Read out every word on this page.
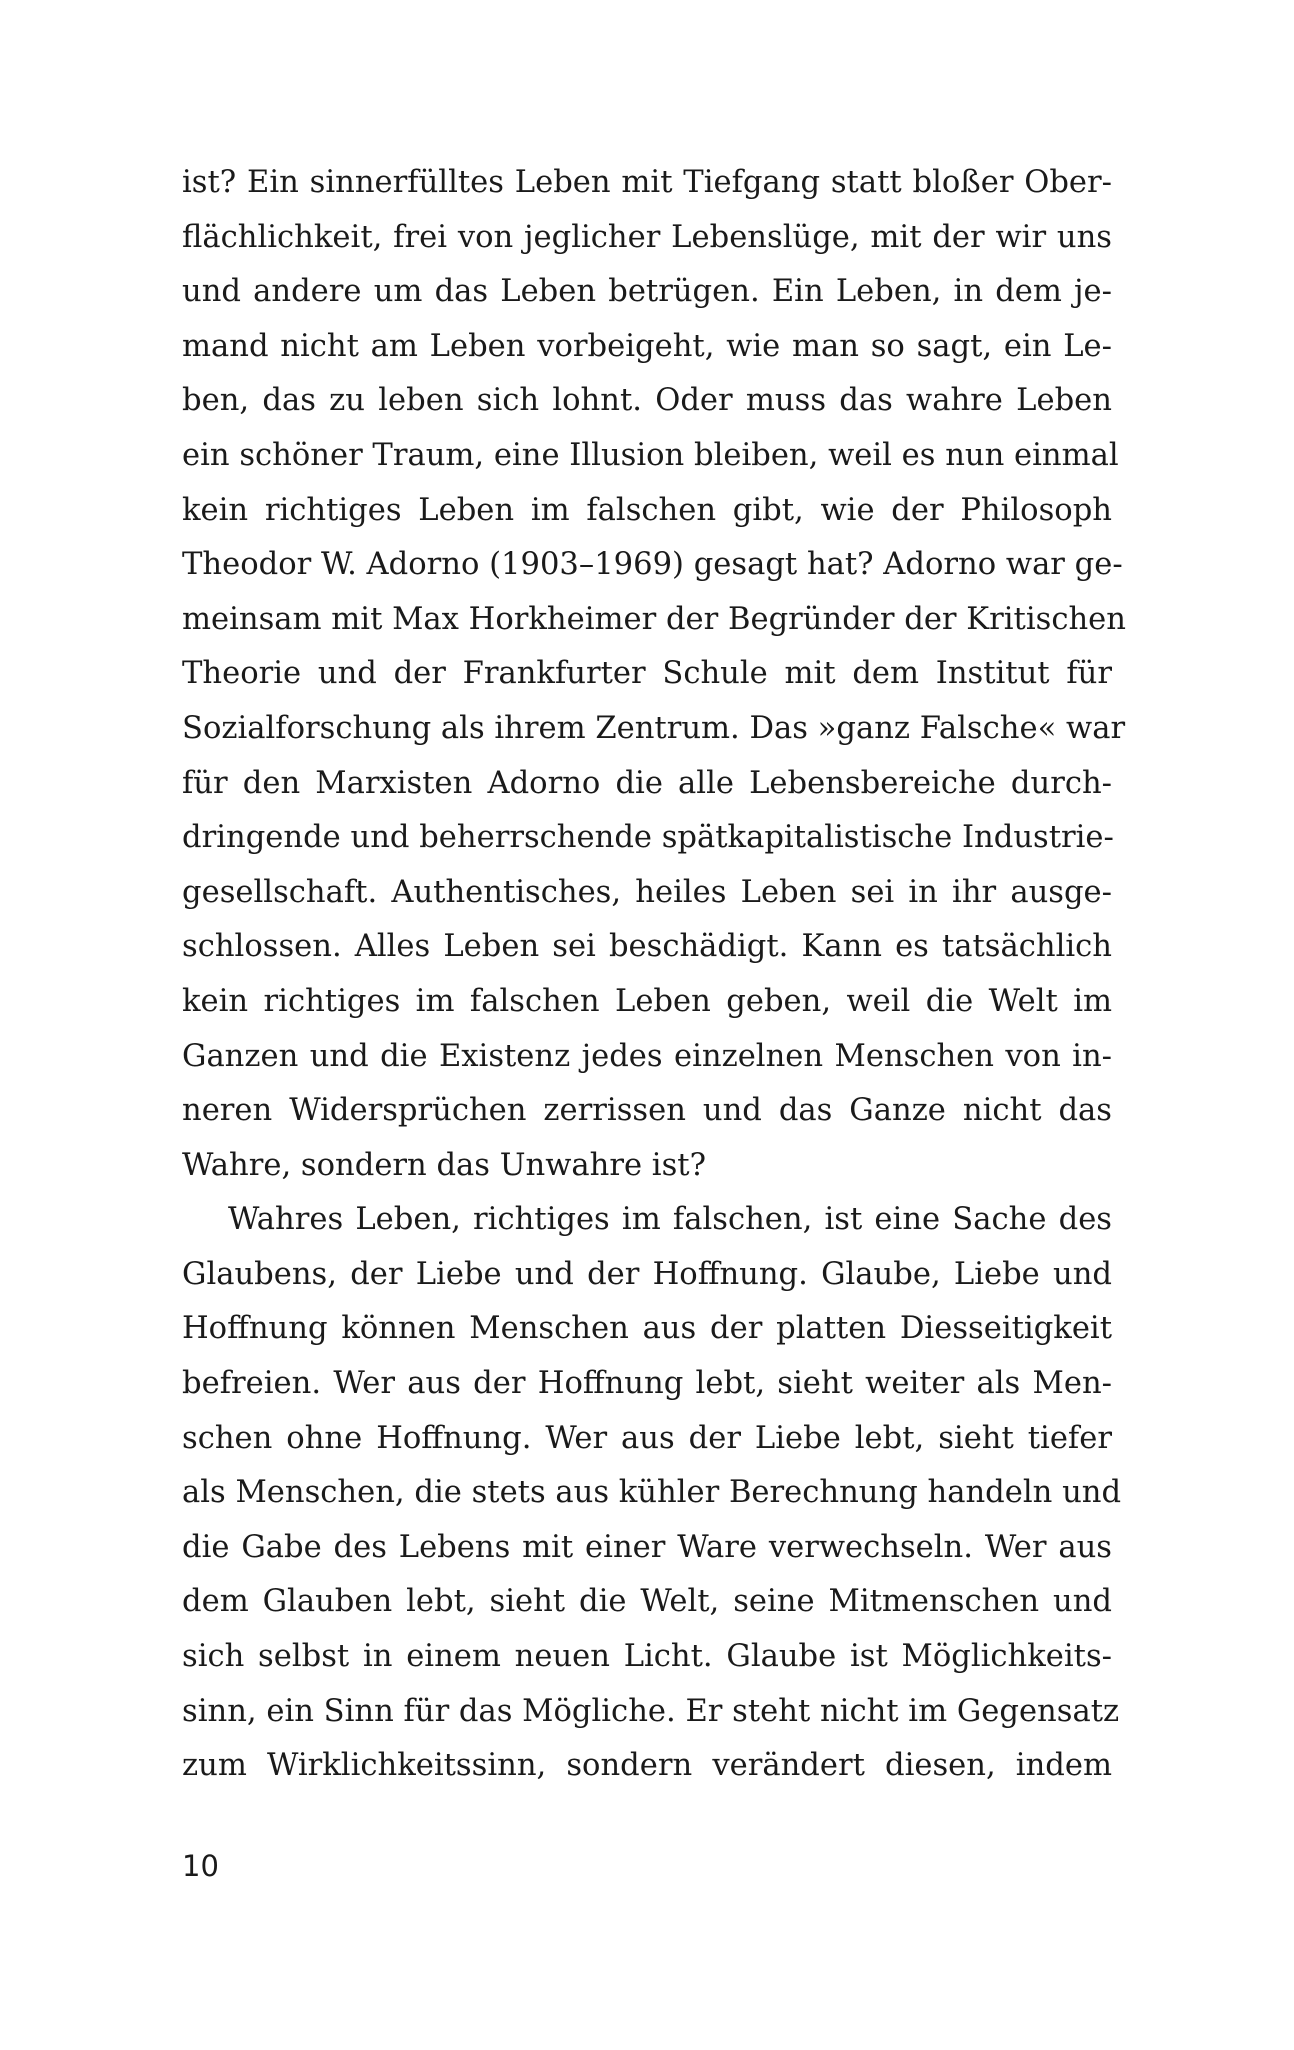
ist? Ein sinnerfülltes Leben mit Tiefgang statt bloßer Ober-
flächlichkeit, frei von jeglicher Lebenslüge, mit der wir uns
und andere um das Leben betrügen. Ein Leben, in dem je-
mand nicht am Leben vorbeigeht, wie man so sagt, ein Le-
ben, das zu leben sich lohnt. Oder muss das wahre Leben
ein schöner Traum, eine Illusion bleiben, weil es nun einmal
kein richtiges Leben im falschen gibt, wie der Philosoph
Theodor W. Adorno (1903–1969) gesagt hat? Adorno war ge-
meinsam mit Max Horkheimer der Begründer der Kritischen
Theorie und der Frankfurter Schule mit dem Institut für
Sozialforschung als ihrem Zentrum. Das »ganz Falsche« war
für den Marxisten Adorno die alle Lebensbereiche durch-
dringende und beherrschende spätkapitalistische Industrie-
gesellschaft. Authentisches, heiles Leben sei in ihr ausge-
schlossen. Alles Leben sei beschädigt. Kann es tatsächlich
kein richtiges im falschen Leben geben, weil die Welt im
Ganzen und die Existenz jedes einzelnen Menschen von in-
neren Widersprüchen zerrissen und das Ganze nicht das
Wahre, sondern das Unwahre ist?
Wahres Leben, richtiges im falschen, ist eine Sache des
Glaubens, der Liebe und der Hoffnung. Glaube, Liebe und
Hoffnung können Menschen aus der platten Diesseitigkeit
befreien. Wer aus der Hoffnung lebt, sieht weiter als Men-
schen ohne Hoffnung. Wer aus der Liebe lebt, sieht tiefer
als Menschen, die stets aus kühler Berechnung handeln und
die Gabe des Lebens mit einer Ware verwechseln. Wer aus
dem Glauben lebt, sieht die Welt, seine Mitmenschen und
sich selbst in einem neuen Licht. Glaube ist Möglichkeits-
sinn, ein Sinn für das Mögliche. Er steht nicht im Gegensatz
zum Wirklichkeitssinn, sondern verändert diesen, indem
10
